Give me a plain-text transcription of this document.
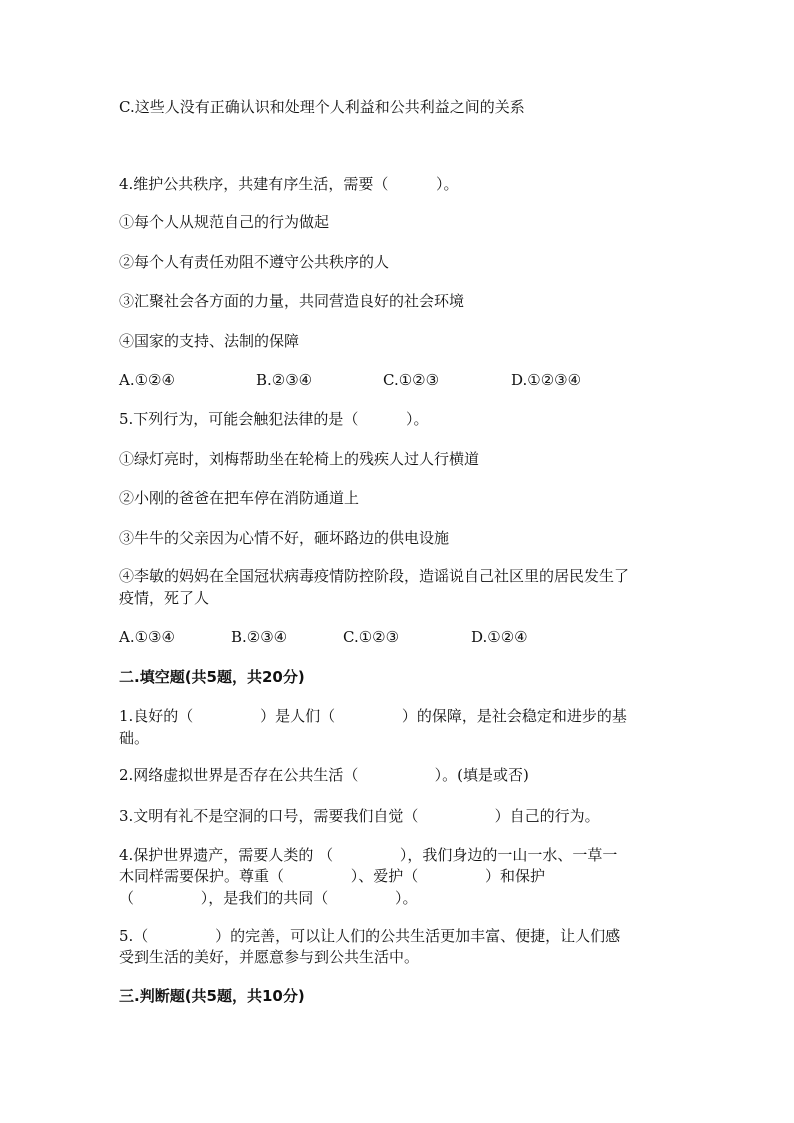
C.这些人没有正确认识和处理个人利益和公共利益之间的关系
4.维护公共秩序，共建有序生活，需要（          ）。
①每个人从规范自己的行为做起
②每个人有责任劝阻不遵守公共秩序的人
③汇聚社会各方面的力量，共同营造良好的社会环境
④国家的支持、法制的保障
A.①②④	B.②③④	C.①②③	D.①②③④
5.下列行为，可能会触犯法律的是（          ）。
①绿灯亮时，刘梅帮助坐在轮椅上的残疾人过人行横道
②小刚的爸爸在把车停在消防通道上
③牛牛的父亲因为心情不好，砸坏路边的供电设施
④李敏的妈妈在全国冠状病毒疫情防控阶段，造谣说自己社区里的居民发生了
疫情，死了人
A.①③④	B.②③④	C.①②③	D.①②④
二.填空题(共5题，共20分)
1.良好的（              ）是人们（              ）的保障，是社会稳定和进步的基
础。
2.网络虚拟世界是否存在公共生活（                ）。(填是或否)
3.文明有礼不是空洞的口号，需要我们自觉（                ）自己的行为。
4.保护世界遗产，需要人类的 （              ），我们身边的一山一水、一草一
木同样需要保护。尊重（              ）、爱护（              ）和保护
（              ），是我们的共同（              ）。
5.（              ）的完善，可以让人们的公共生活更加丰富、便捷，让人们感
受到生活的美好，并愿意参与到公共生活中。
三.判断题(共5题，共10分)
